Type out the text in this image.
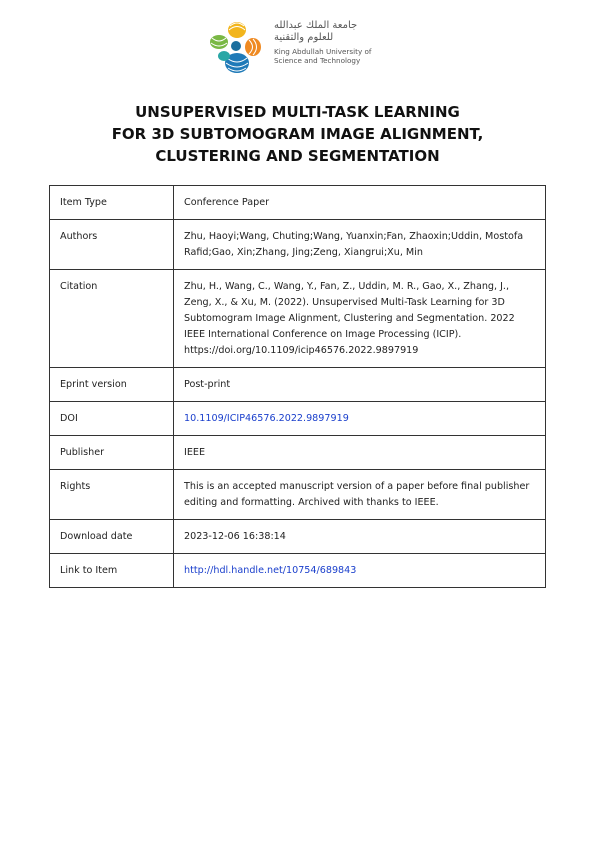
جامعة الملك عبدالله
للعلوم والتقنية
King Abdullah University of
Science and Technology
UNSUPERVISED MULTI-TASK LEARNING
FOR 3D SUBTOMOGRAM IMAGE ALIGNMENT,
CLUSTERING AND SEGMENTATION
Item Type	Conference Paper
Authors	Zhu, Haoyi;Wang, Chuting;Wang, Yuanxin;Fan, Zhaoxin;Uddin, Mostofa Rafid;Gao, Xin;Zhang, Jing;Zeng, Xiangrui;Xu, Min
Citation	Zhu, H., Wang, C., Wang, Y., Fan, Z., Uddin, M. R., Gao, X., Zhang, J., Zeng, X., & Xu, M. (2022). Unsupervised Multi-Task Learning for 3D Subtomogram Image Alignment, Clustering and Segmentation. 2022 IEEE International Conference on Image Processing (ICIP). https://doi.org/10.1109/icip46576.2022.9897919
Eprint version	Post-print
DOI	10.1109/ICIP46576.2022.9897919
Publisher	IEEE
Rights	This is an accepted manuscript version of a paper before final publisher editing and formatting. Archived with thanks to IEEE.
Download date	2023-12-06 16:38:14
Link to Item	http://hdl.handle.net/10754/689843
